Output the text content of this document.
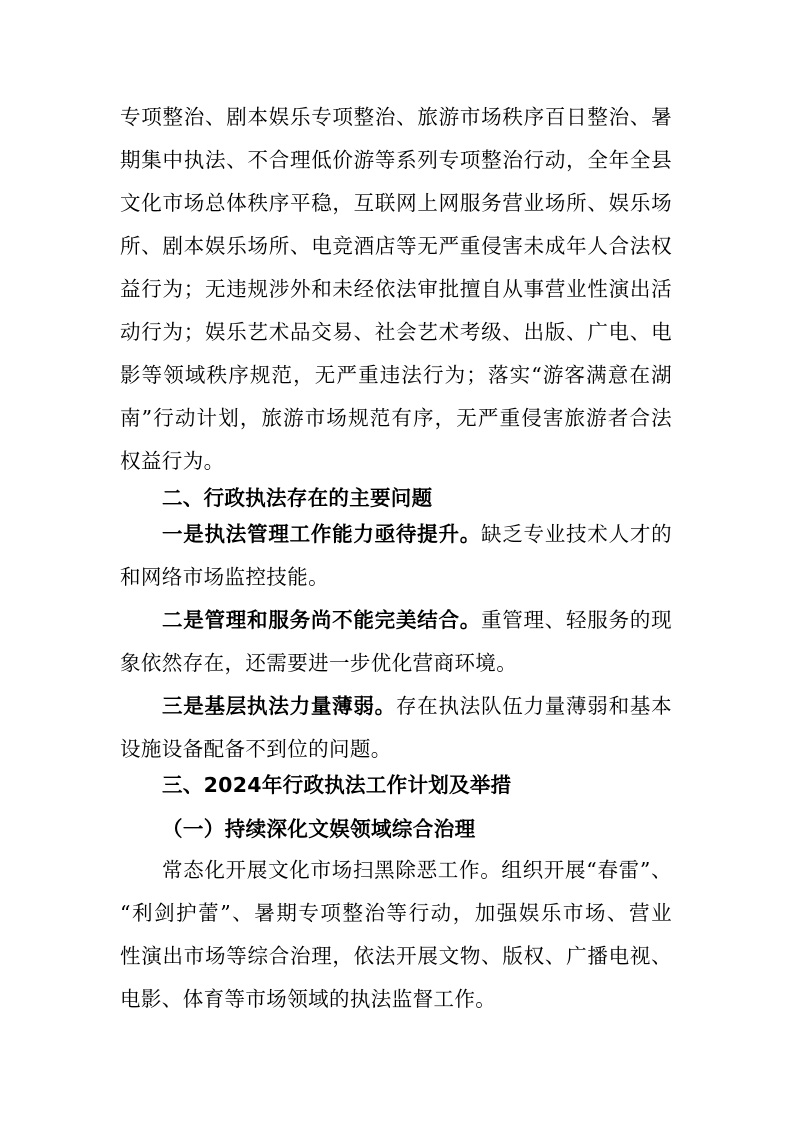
专项整治、剧本娱乐专项整治、旅游市场秩序百日整治、暑
期集中执法、不合理低价游等系列专项整治行动，全年全县
文化市场总体秩序平稳，互联网上网服务营业场所、娱乐场
所、剧本娱乐场所、电竞酒店等无严重侵害未成年人合法权
益行为；无违规涉外和未经依法审批擅自从事营业性演出活
动行为；娱乐艺术品交易、社会艺术考级、出版、广电、电
影等领域秩序规范，无严重违法行为；落实“游客满意在湖
南”行动计划，旅游市场规范有序，无严重侵害旅游者合法
权益行为。
二、行政执法存在的主要问题
一是执法管理工作能力亟待提升。缺乏专业技术人才的
和网络市场监控技能。
二是管理和服务尚不能完美结合。重管理、轻服务的现
象依然存在，还需要进一步优化营商环境。
三是基层执法力量薄弱。存在执法队伍力量薄弱和基本
设施设备配备不到位的问题。
三、2024年行政执法工作计划及举措
（一）持续深化文娱领域综合治理
常态化开展文化市场扫黑除恶工作。组织开展“春雷”、
“利剑护蕾”、暑期专项整治等行动，加强娱乐市场、营业
性演出市场等综合治理，依法开展文物、版权、广播电视、
电影、体育等市场领域的执法监督工作。
